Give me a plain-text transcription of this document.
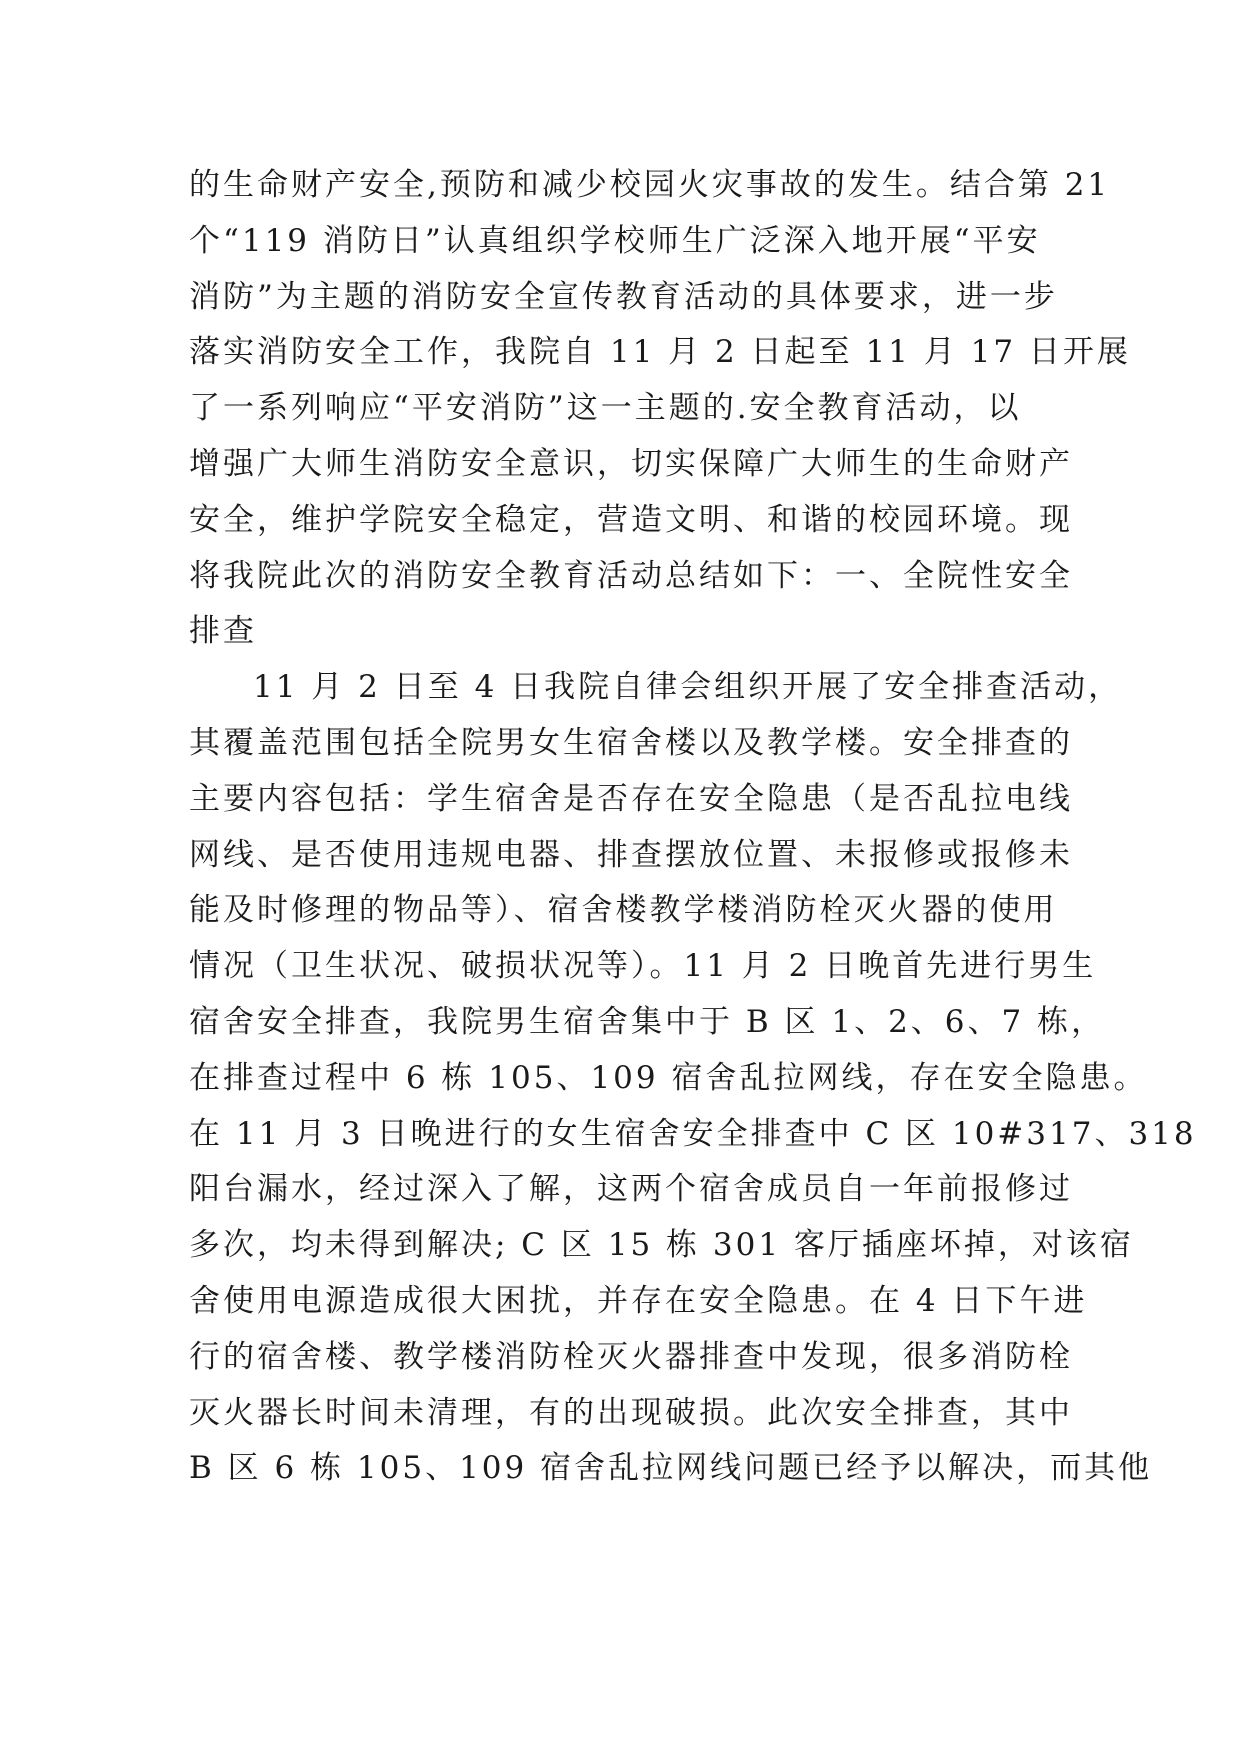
的生命财产安全,预防和减少校园火灾事故的发生。结合第 21
个“119 消防日”认真组织学校师生广泛深入地开展“平安
消防”为主题的消防安全宣传教育活动的具体要求，进一步
落实消防安全工作，我院自 11 月 2 日起至 11 月 17 日开展
了一系列响应“平安消防”这一主题的.安全教育活动，以
增强广大师生消防安全意识，切实保障广大师生的生命财产
安全，维护学院安全稳定，营造文明、和谐的校园环境。现
将我院此次的消防安全教育活动总结如下：一、全院性安全
排查
11 月 2 日至 4 日我院自律会组织开展了安全排查活动，
其覆盖范围包括全院男女生宿舍楼以及教学楼。安全排查的
主要内容包括：学生宿舍是否存在安全隐患（是否乱拉电线
网线、是否使用违规电器、排查摆放位置、未报修或报修未
能及时修理的物品等）、宿舍楼教学楼消防栓灭火器的使用
情况（卫生状况、破损状况等）。11 月 2 日晚首先进行男生
宿舍安全排查，我院男生宿舍集中于 B 区 1、2、6、7 栋，
在排查过程中 6 栋 105、109 宿舍乱拉网线，存在安全隐患。
在 11 月 3 日晚进行的女生宿舍安全排查中 C 区 10#317、318
阳台漏水，经过深入了解，这两个宿舍成员自一年前报修过
多次，均未得到解决; C 区 15 栋 301 客厅插座坏掉，对该宿
舍使用电源造成很大困扰，并存在安全隐患。在 4 日下午进
行的宿舍楼、教学楼消防栓灭火器排查中发现，很多消防栓
灭火器长时间未清理，有的出现破损。此次安全排查，其中
B 区 6 栋 105、109 宿舍乱拉网线问题已经予以解决，而其他
